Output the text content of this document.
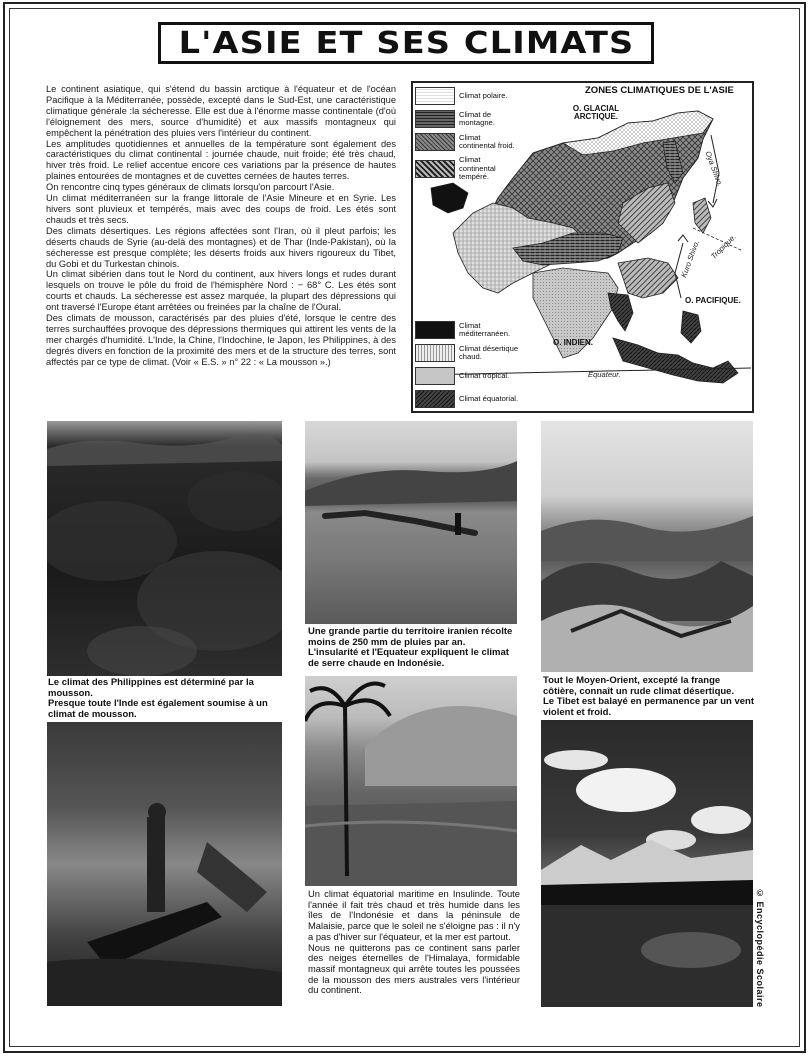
L'ASIE ET SES CLIMATS

Le continent asiatique, qui s'étend du bassin arctique à l'équateur et de l'océan Pacifique à la Méditerranée, possède, excepté dans le Sud-Est, une caractéristique climatique générale :la sécheresse. Elle est due à l'énorme masse continentale (d'où l'éloignement des mers, source d'humidité) et aux massifs montagneux qui empêchent la pénétration des pluies vers l'intérieur du continent.

Les amplitudes quotidiennes et annuelles de la température sont également des caractéristiques du climat continental : journée chaude, nuit froide; été très chaud, hiver très froid. Le relief accentue encore ces variations par la présence de hautes plaines entourées de montagnes et de cuvettes cernées de hautes terres.

On rencontre cinq types généraux de climats lorsqu'on parcourt l'Asie.

Un climat méditerranéen sur la frange littorale de l'Asie Mineure et en Syrie. Les hivers sont pluvieux et tempérés, mais avec des coups de froid. Les étés sont chauds et très secs.

Des climats désertiques. Les régions affectées sont l'Iran, où il pleut parfois; les déserts chauds de Syrie (au-delà des montagnes) et de Thar (Inde-Pakistan), où la sécheresse est presque complète; les déserts froids aux hivers rigoureux du Tibet, du Gobi et du Turkestan chinois.

Un climat sibérien dans tout le Nord du continent, aux hivers longs et rudes durant lesquels on trouve le pôle du froid de l'hémisphère Nord : − 68° C. Les étés sont courts et chauds. La sécheresse est assez marquée, la plupart des dépressions qui ont traversé l'Europe étant arrêtées ou freinées par la chaîne de l'Oural.

Des climats de mousson, caractérisés par des pluies d'été, lorsque le centre des terres surchauffées provoque des dépressions thermiques qui attirent les vents de la mer chargés d'humidité. L'Inde, la Chine, l'Indochine, le Japon, les Philippines, à des degrés divers en fonction de la proximité des mers et de la structure des terres, sont affectés par ce type de climat. (Voir « E.S. » n° 22 : « La mousson ».)

ZONES CLIMATIQUES DE L'ASIE
Climat polaire.
Climat de montagne.
Climat continental froid.
Climat continental tempéré.
Climat méditerranéen.
Climat désertique chaud.
Climat tropical.
Climat équatorial.
O. GLACIAL ARCTIQUE.
O. PACIFIQUE.
O. INDIEN.
Équateur.
Oya Shivo.
Kuro Shivo. Tropique.

Le climat des Philippines est déterminé par la mousson.

Presque toute l'Inde est également soumise à un climat de mousson.

Une grande partie du territoire iranien récolte moins de 250 mm de pluies par an.

L'insularité et l'Equateur expliquent le climat de serre chaude en Indonésie.

Tout le Moyen-Orient, excepté la frange côtière, connaît un rude climat désertique.

Le Tibet est balayé en permanence par un vent violent et froid.

Un climat équatorial maritime en Insulinde. Toute l'année il fait très chaud et très humide dans les îles de l'Indonésie et dans la péninsule de Malaisie, parce que le soleil ne s'éloigne pas : il n'y a pas d'hiver sur l'équateur, et la mer est partout.

Nous ne quitterons pas ce continent sans parler des neiges éternelles de l'Himalaya, formidable massif montagneux qui arrête toutes les poussées de la mousson des mers australes vers l'intérieur du continent.	© Encyclopédie Scolaire
